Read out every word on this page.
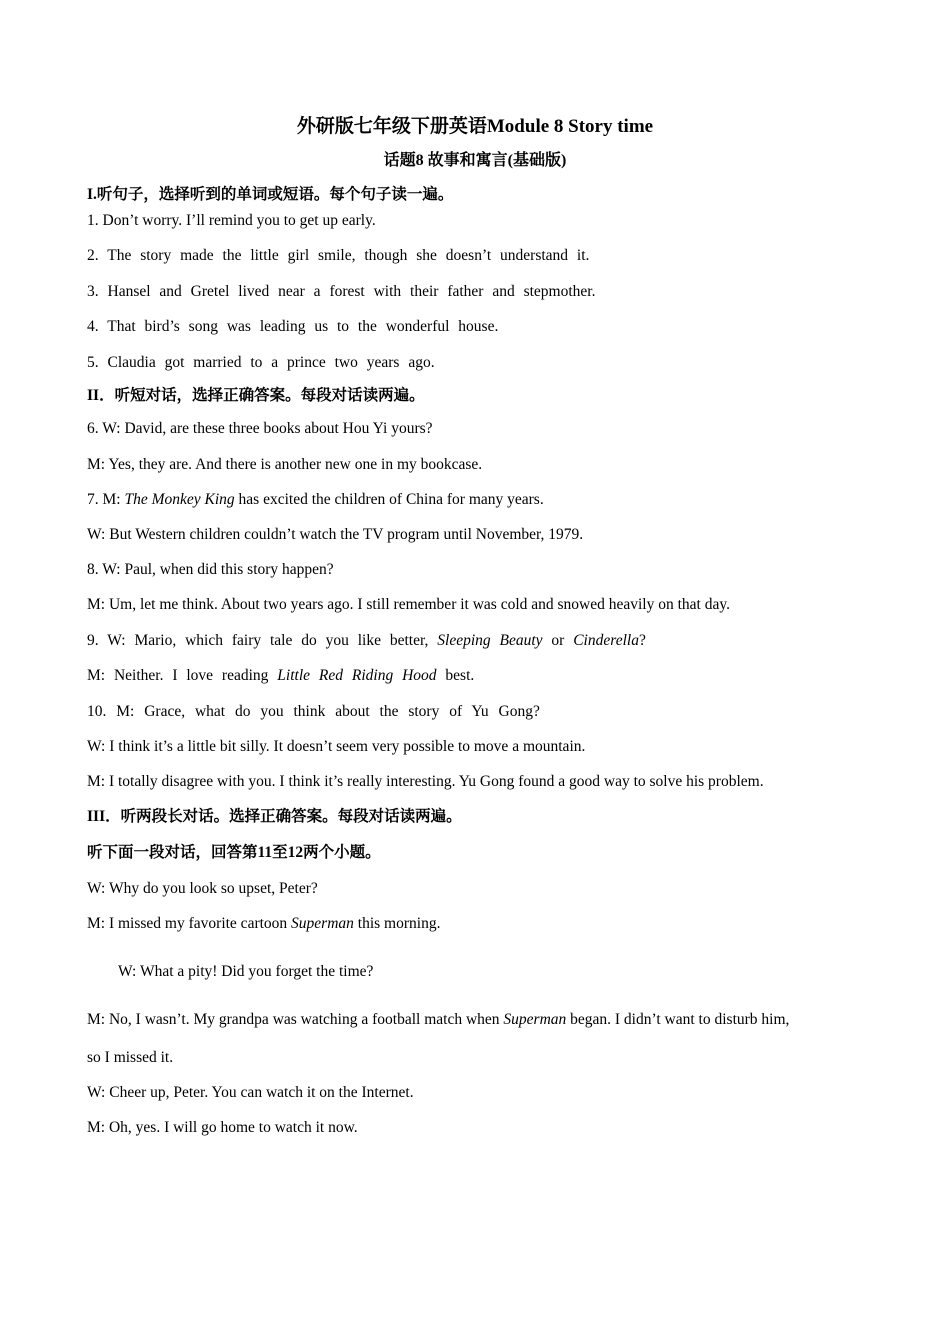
外研版七年级下册英语Module 8 Story time
话题8 故事和寓言(基础版)
I.听句子，选择听到的单词或短语。每个句子读一遍。
1. Don’t worry. I’ll remind you to get up early.
2. The story made the little girl smile, though she doesn’t understand it.
3. Hansel and Gretel lived near a forest with their father and stepmother.
4. That bird’s song was leading us to the wonderful house.
5. Claudia got married to a prince two years ago.
II．听短对话，选择正确答案。每段对话读两遍。
6. W: David, are these three books about Hou Yi yours?
M: Yes, they are. And there is another new one in my bookcase.
7. M: The Monkey King has excited the children of China for many years.
W: But Western children couldn’t watch the TV program until November, 1979.
8. W: Paul, when did this story happen?
M: Um, let me think. About two years ago. I still remember it was cold and snowed heavily on that day.
9. W: Mario, which fairy tale do you like better, Sleeping Beauty or Cinderella?
M: Neither. I love reading Little Red Riding Hood best.
10. M: Grace, what do you think about the story of Yu Gong?
W: I think it’s a little bit silly. It doesn’t seem very possible to move a mountain.
M: I totally disagree with you. I think it’s really interesting. Yu Gong found a good way to solve his problem.
III．听两段长对话。选择正确答案。每段对话读两遍。
听下面一段对话，回答第11至12两个小题。
W: Why do you look so upset, Peter?
M: I missed my favorite cartoon Superman this morning.
W: What a pity! Did you forget the time?
M: No, I wasn’t. My grandpa was watching a football match when Superman began. I didn’t want to disturb him,
so I missed it.
W: Cheer up, Peter. You can watch it on the Internet.
M: Oh, yes. I will go home to watch it now.
